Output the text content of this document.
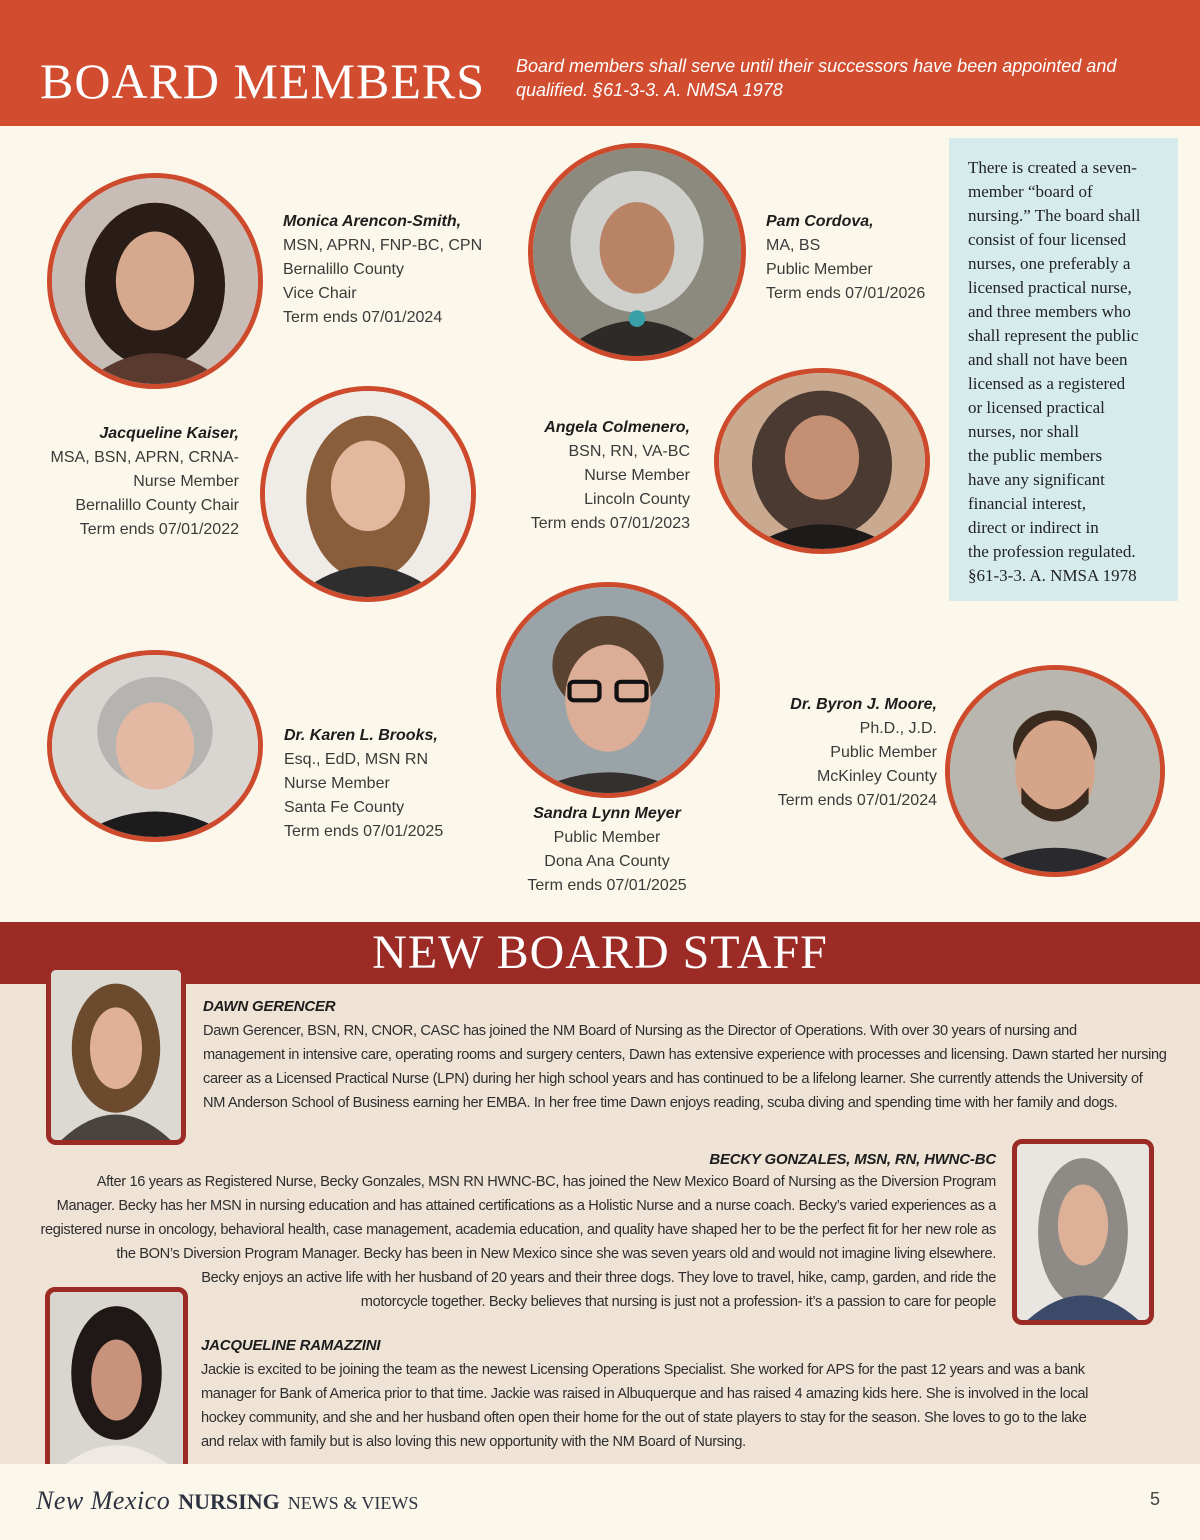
BOARD MEMBERS Board members shall serve until their successors have been appointed and
qualified. §61-3-3. A. NMSA 1978
Monica Arencon-Smith,
MSN, APRN, FNP-BC, CPN
Bernalillo County
Vice Chair
Term ends 07/01/2024
Pam Cordova,
MA, BS
Public Member
Term ends 07/01/2026
Jacqueline Kaiser,
MSA, BSN, APRN, CRNA-
Nurse Member
Bernalillo County Chair
Term ends 07/01/2022
Angela Colmenero,
BSN, RN, VA-BC
Nurse Member
Lincoln County
Term ends 07/01/2023
Dr. Karen L. Brooks,
Esq., EdD, MSN RN
Nurse Member
Santa Fe County
Term ends 07/01/2025
Sandra Lynn Meyer
Public Member
Dona Ana County
Term ends 07/01/2025
Dr. Byron J. Moore,
Ph.D., J.D.
Public Member
McKinley County
Term ends 07/01/2024
There is created a seven-
member “board of
nursing.” The board shall
consist of four licensed
nurses, one preferably a
licensed practical nurse,
and three members who
shall represent the public
and shall not have been
licensed as a registered
or licensed practical
nurses, nor shall
the public members
have any significant
financial interest,
direct or indirect in
the profession regulated.
§61-3-3. A. NMSA 1978
NEW BOARD STAFF
DAWN GERENCER
Dawn Gerencer, BSN, RN, CNOR, CASC has joined the NM Board of Nursing as the Director of Operations. With over 30 years of nursing and
management in intensive care, operating rooms and surgery centers, Dawn has extensive experience with processes and licensing. Dawn started her nursing
career as a Licensed Practical Nurse (LPN) during her high school years and has continued to be a lifelong learner. She currently attends the University of
NM Anderson School of Business earning her EMBA. In her free time Dawn enjoys reading, scuba diving and spending time with her family and dogs.
BECKY GONZALES, MSN, RN, HWNC-BC
After 16 years as Registered Nurse, Becky Gonzales, MSN RN HWNC-BC, has joined the New Mexico Board of Nursing as the Diversion Program
Manager. Becky has her MSN in nursing education and has attained certifications as a Holistic Nurse and a nurse coach. Becky’s varied experiences as a
registered nurse in oncology, behavioral health, case management, academia education, and quality have shaped her to be the perfect fit for her new role as
the BON’s Diversion Program Manager. Becky has been in New Mexico since she was seven years old and would not imagine living elsewhere.
Becky enjoys an active life with her husband of 20 years and their three dogs. They love to travel, hike, camp, garden, and ride the
motorcycle together. Becky believes that nursing is just not a profession- it’s a passion to care for people
JACQUELINE RAMAZZINI
Jackie is excited to be joining the team as the newest Licensing Operations Specialist. She worked for APS for the past 12 years and was a bank
manager for Bank of America prior to that time. Jackie was raised in Albuquerque and has raised 4 amazing kids here. She is involved in the local
hockey community, and she and her husband often open their home for the out of state players to stay for the season. She loves to go to the lake
and relax with family but is also loving this new opportunity with the NM Board of Nursing.
New Mexico NURSING NEWS & VIEWS	5
